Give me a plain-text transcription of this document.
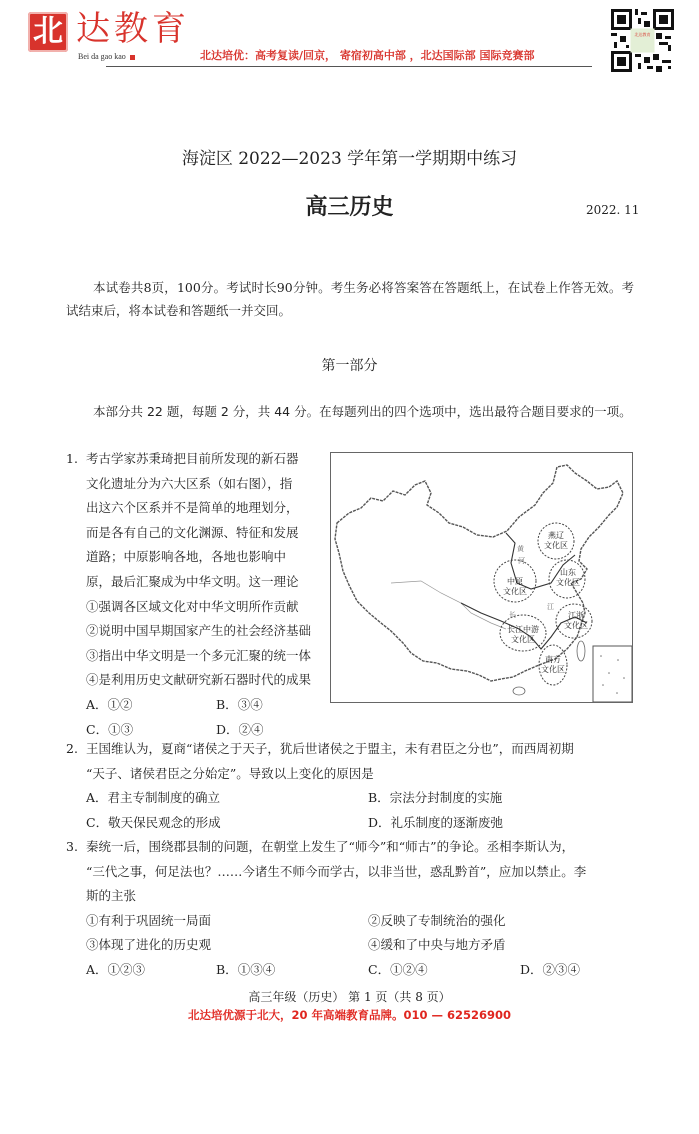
北 达教育
Bei da gao kao	北达培优：高考复读/回京， 寄宿初高中部 ，北达国际部 国际竞赛部
北达教育
海淀区 2022—2023 学年第一学期期中练习
高三历史	2022. 11
本试卷共8页，100分。考试时长90分钟。考生务必将答案答在答题纸上，在试卷上作答无效。考试结束后，将本试卷和答题纸一并交回。
第一部分
本部分共 22 题，每题 2 分，共 44 分。在每题列出的四个选项中，选出最符合题目要求的一项。
1. 考古学家苏秉琦把目前所发现的新石器
文化遗址分为六大区系（如右图），指
出这六个区系并不是简单的地理划分，
而是各有自己的文化渊源、特征和发展
道路；中原影响各地，各地也影响中
原，最后汇聚成为中华文明。这一理论
①强调各区域文化对中华文明所作贡献
②说明中国早期国家产生的社会经济基础
③指出中华文明是一个多元汇聚的统一体
④是利用历史文献研究新石器时代的成果
A．①②	B．③④
C．①③	D．②④
燕辽
文化区
中原
文化区
山东
文化区
长江中游
文化区
江浙
文化区
南方
文化区
黄
河
长
江
2. 王国维认为，夏商“诸侯之于天子，犹后世诸侯之于盟主，未有君臣之分也”，而西周初期
“天子、诸侯君臣之分始定”。导致以上变化的原因是
A．君主专制制度的确立	B．宗法分封制度的实施
C．敬天保民观念的形成	D．礼乐制度的逐渐废弛
3. 秦统一后，围绕郡县制的问题，在朝堂上发生了“师今”和“师古”的争论。丞相李斯认为，
“三代之事，何足法也？……今诸生不师今而学古，以非当世，惑乱黔首”，应加以禁止。李
斯的主张
①有利于巩固统一局面	②反映了专制统治的强化
③体现了进化的历史观	④缓和了中央与地方矛盾
A．①②③	B．①③④	C．①②④	D．②③④
高三年级（历史） 第 1 页（共 8 页）
北达培优源于北大，20 年高端教育品牌。010 — 62526900
